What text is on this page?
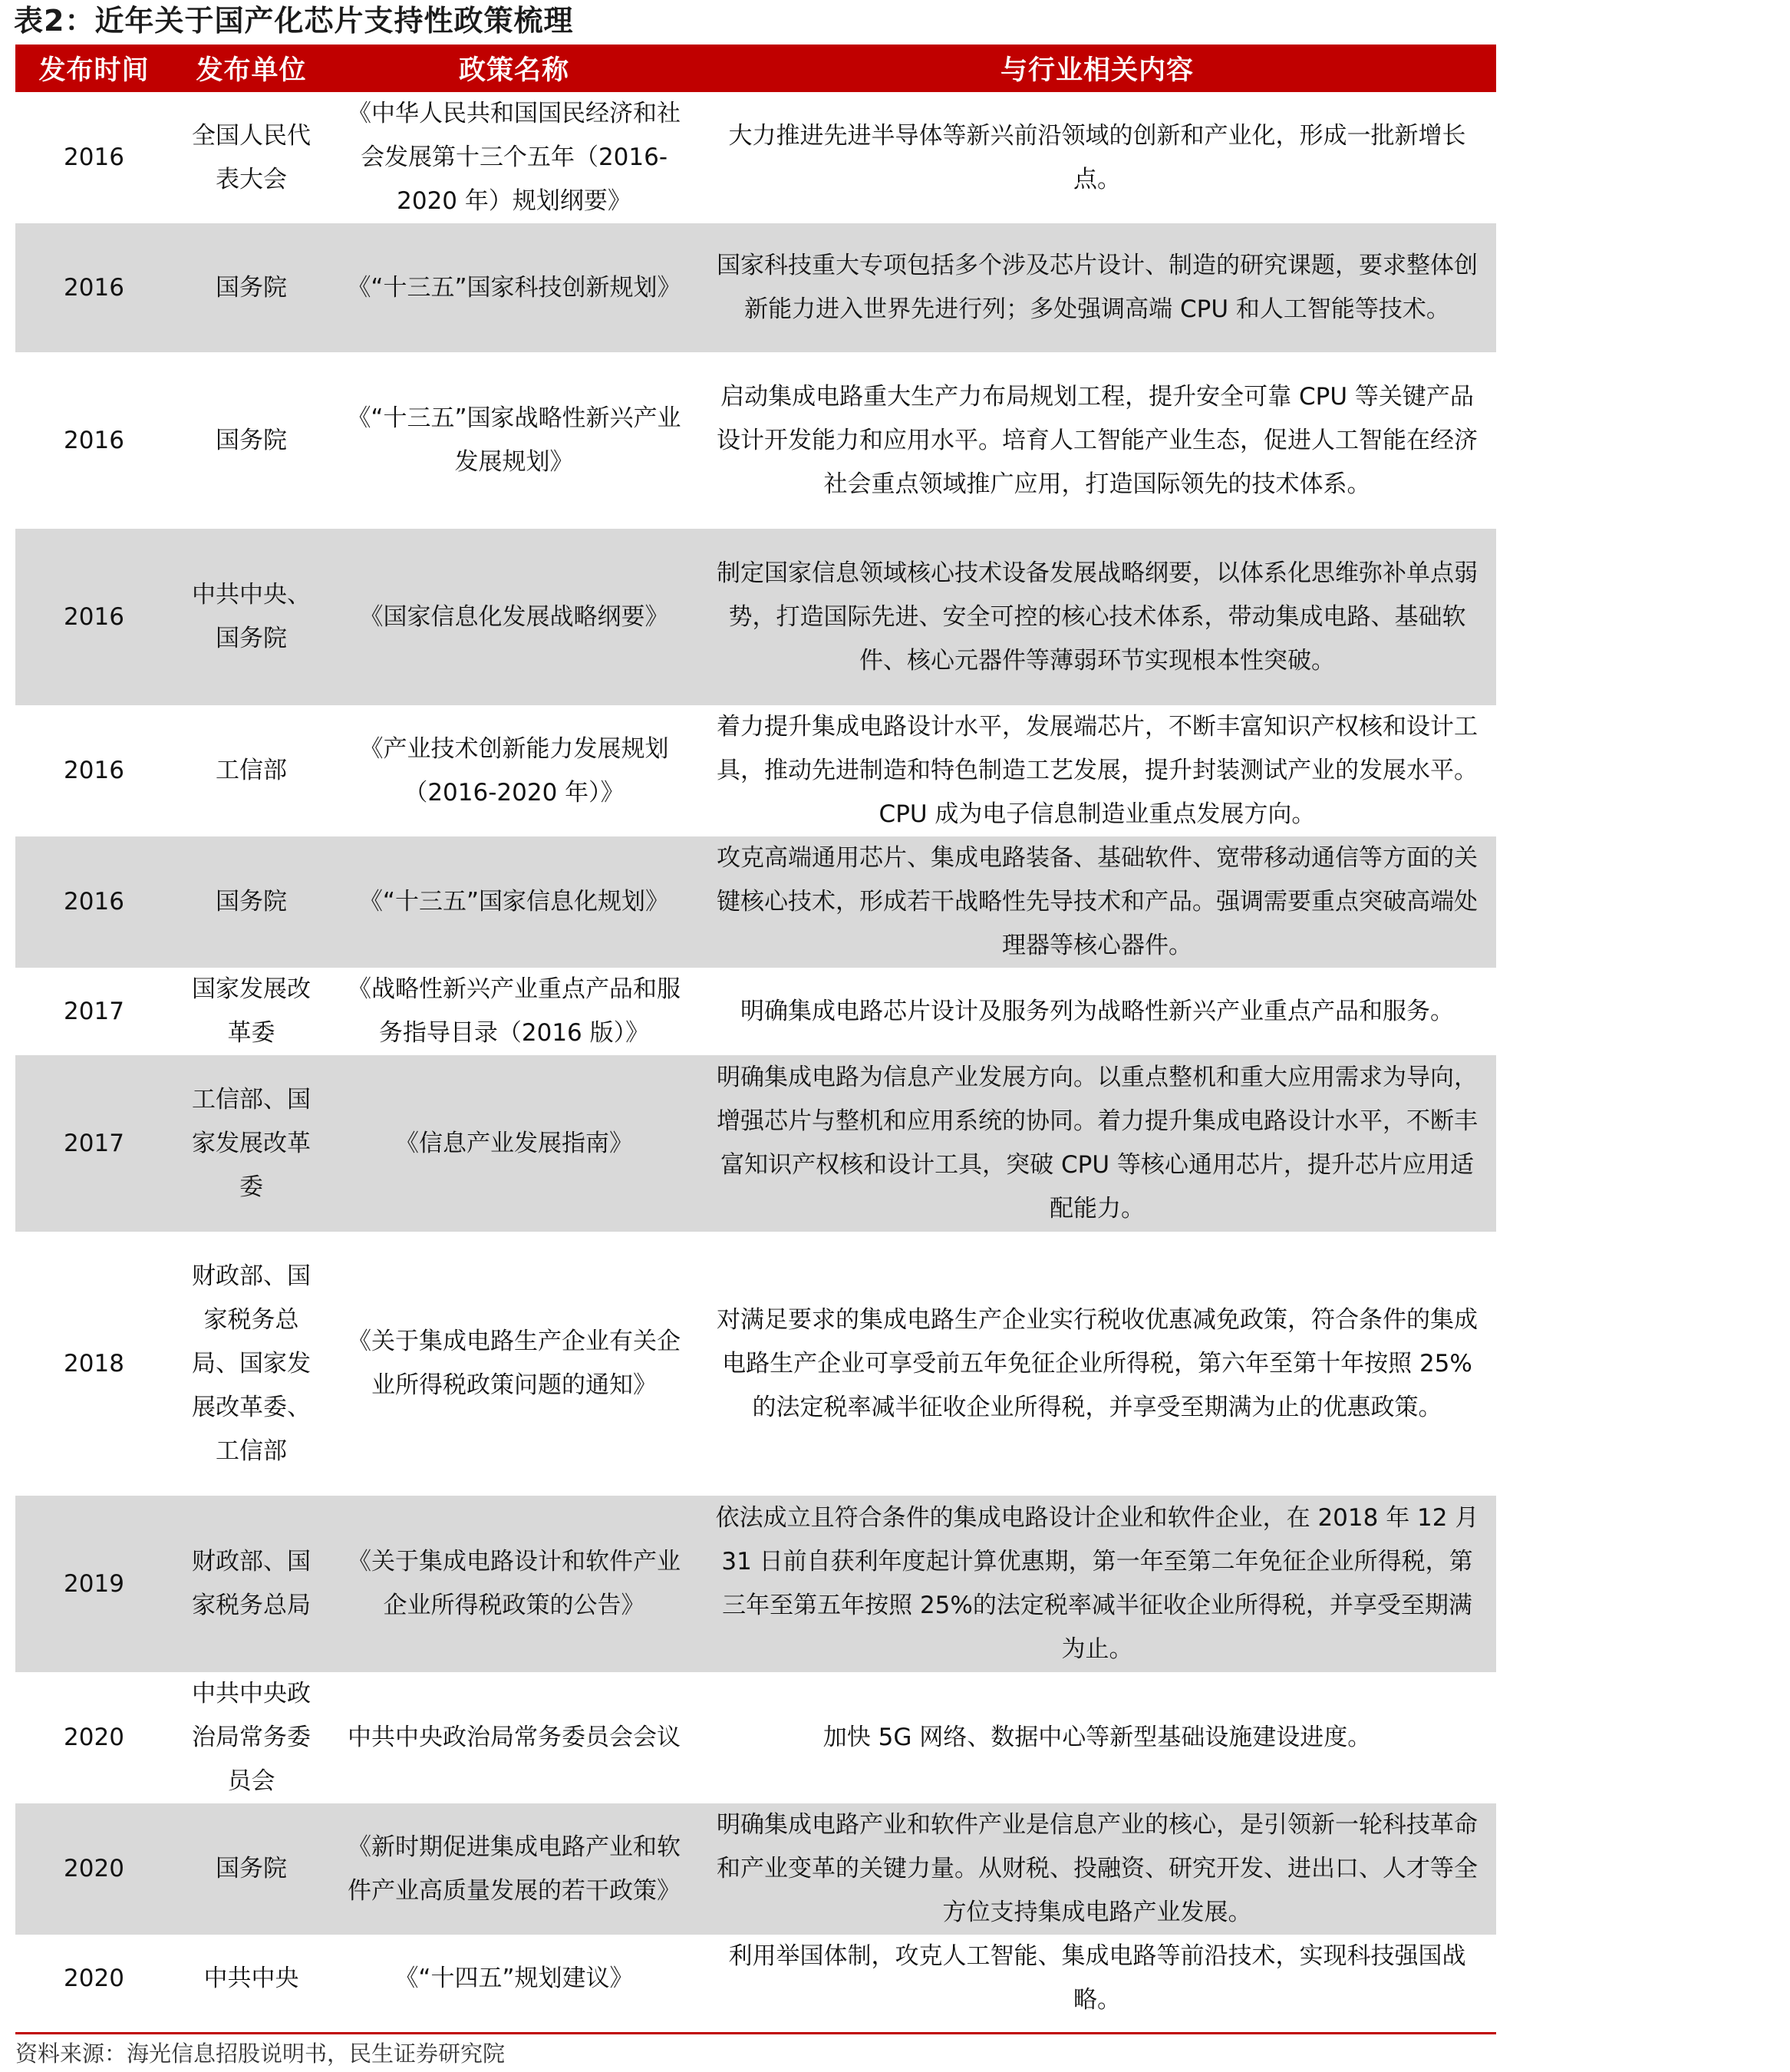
表2：近年关于国产化芯片支持性政策梳理
发布时间	发布单位	政策名称	与行业相关内容
2016	全国人民代表大会	《中华人民共和国国民经济和社会发展第十三个五年（2016-2020 年）规划纲要》	大力推进先进半导体等新兴前沿领域的创新和产业化，形成一批新增长点。
2016	国务院	《“十三五”国家科技创新规划》	国家科技重大专项包括多个涉及芯片设计、制造的研究课题，要求整体创新能力进入世界先进行列；多处强调高端 CPU 和人工智能等技术。
2016	国务院	《“十三五”国家战略性新兴产业发展规划》	启动集成电路重大生产力布局规划工程，提升安全可靠 CPU 等关键产品设计开发能力和应用水平。培育人工智能产业生态，促进人工智能在经济社会重点领域推广应用，打造国际领先的技术体系。
2016	中共中央、国务院	《国家信息化发展战略纲要》	制定国家信息领域核心技术设备发展战略纲要，以体系化思维弥补单点弱势，打造国际先进、安全可控的核心技术体系，带动集成电路、基础软件、核心元器件等薄弱环节实现根本性突破。
2016	工信部	《产业技术创新能力发展规划（2016-2020 年）》	着力提升集成电路设计水平，发展端芯片，不断丰富知识产权核和设计工具，推动先进制造和特色制造工艺发展，提升封装测试产业的发展水平。CPU 成为电子信息制造业重点发展方向。
2016	国务院	《“十三五”国家信息化规划》	攻克高端通用芯片、集成电路装备、基础软件、宽带移动通信等方面的关键核心技术，形成若干战略性先导技术和产品。强调需要重点突破高端处理器等核心器件。
2017	国家发展改革委	《战略性新兴产业重点产品和服务指导目录（2016 版）》	明确集成电路芯片设计及服务列为战略性新兴产业重点产品和服务。
2017	工信部、国家发展改革委	《信息产业发展指南》	明确集成电路为信息产业发展方向。以重点整机和重大应用需求为导向，增强芯片与整机和应用系统的协同。着力提升集成电路设计水平，不断丰富知识产权核和设计工具，突破 CPU 等核心通用芯片，提升芯片应用适配能力。
2018	财政部、国家税务总局、国家发展改革委、工信部	《关于集成电路生产企业有关企业所得税政策问题的通知》	对满足要求的集成电路生产企业实行税收优惠减免政策，符合条件的集成电路生产企业可享受前五年免征企业所得税，第六年至第十年按照 25%的法定税率减半征收企业所得税，并享受至期满为止的优惠政策。
2019	财政部、国家税务总局	《关于集成电路设计和软件产业企业所得税政策的公告》	依法成立且符合条件的集成电路设计企业和软件企业，在 2018 年 12 月 31 日前自获利年度起计算优惠期，第一年至第二年免征企业所得税，第三年至第五年按照 25%的法定税率减半征收企业所得税，并享受至期满为止。
2020	中共中央政治局常务委员会	中共中央政治局常务委员会会议	加快 5G 网络、数据中心等新型基础设施建设进度。
2020	国务院	《新时期促进集成电路产业和软件产业高质量发展的若干政策》	明确集成电路产业和软件产业是信息产业的核心，是引领新一轮科技革命和产业变革的关键力量。从财税、投融资、研究开发、进出口、人才等全方位支持集成电路产业发展。
2020	中共中央	《“十四五”规划建议》	利用举国体制，攻克人工智能、集成电路等前沿技术，实现科技强国战略。
资料来源：海光信息招股说明书，民生证券研究院
